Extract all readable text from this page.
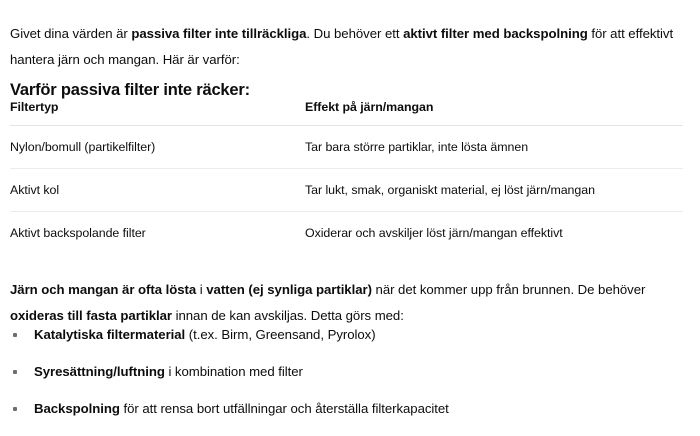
Givet dina värden är passiva filter inte tillräckliga. Du behöver ett aktivt filter med backspolning för att effektivt hantera järn och mangan. Här är varför:

Varför passiva filter inte räcker:
Filtertyp	Effekt på järn/mangan
Nylon/bomull (partikelfilter)	Tar bara större partiklar, inte lösta ämnen
Aktivt kol	Tar lukt, smak, organiskt material, ej löst järn/mangan
Aktivt backspolande filter	Oxiderar och avskiljer löst järn/mangan effektivt

Järn och mangan är ofta lösta i vatten (ej synliga partiklar) när det kommer upp från brunnen. De behöver oxideras till fasta partiklar innan de kan avskiljas. Detta görs med:

Katalytiska filtermaterial (t.ex. Birm, Greensand, Pyrolox)
Syresättning/luftning i kombination med filter
Backspolning för att rensa bort utfällningar och återställa filterkapacitet
